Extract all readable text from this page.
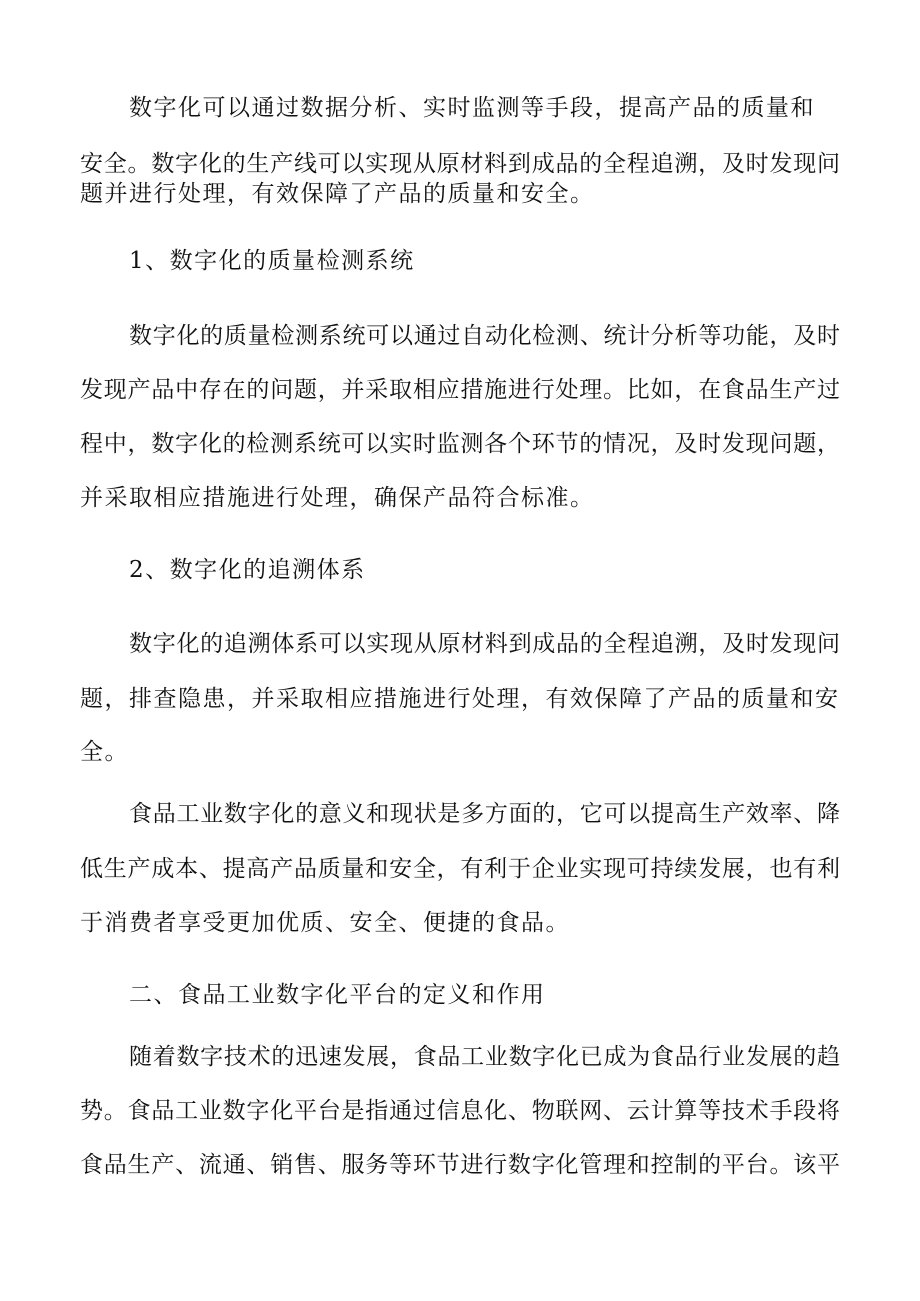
数字化可以通过数据分析、实时监测等手段，提高产品的质量和
安全。数字化的生产线可以实现从原材料到成品的全程追溯，及时发现问
题并进行处理，有效保障了产品的质量和安全。
1、数字化的质量检测系统
数字化的质量检测系统可以通过自动化检测、统计分析等功能，及时
发现产品中存在的问题，并采取相应措施进行处理。比如，在食品生产过
程中，数字化的检测系统可以实时监测各个环节的情况，及时发现问题，
并采取相应措施进行处理，确保产品符合标准。
2、数字化的追溯体系
数字化的追溯体系可以实现从原材料到成品的全程追溯，及时发现问
题，排查隐患，并采取相应措施进行处理，有效保障了产品的质量和安
全。
食品工业数字化的意义和现状是多方面的，它可以提高生产效率、降
低生产成本、提高产品质量和安全，有利于企业实现可持续发展，也有利
于消费者享受更加优质、安全、便捷的食品。
二、食品工业数字化平台的定义和作用
随着数字技术的迅速发展，食品工业数字化已成为食品行业发展的趋
势。食品工业数字化平台是指通过信息化、物联网、云计算等技术手段将
食品生产、流通、销售、服务等环节进行数字化管理和控制的平台。该平
